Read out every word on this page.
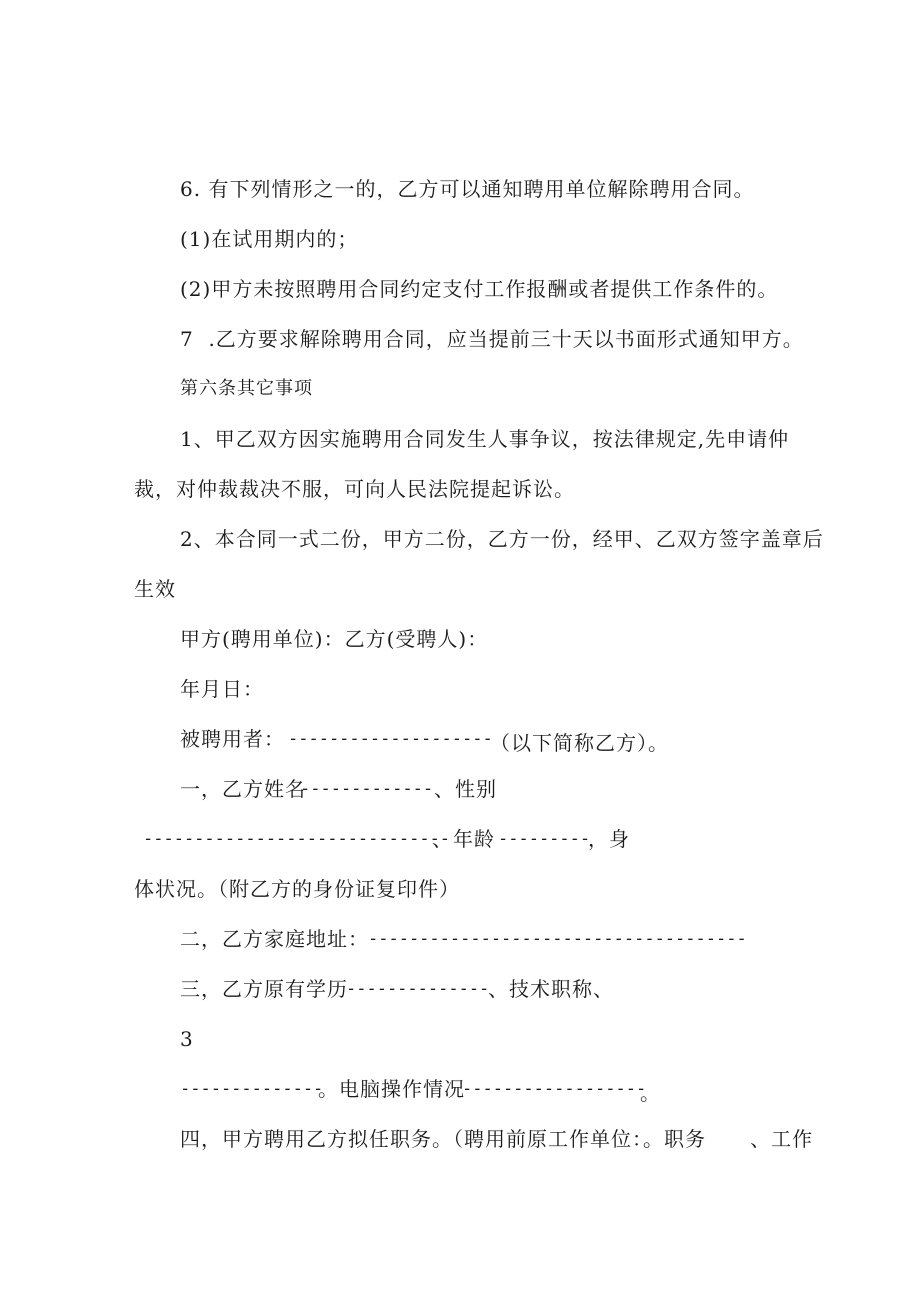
6. 有下列情形之一的，乙方可以通知聘用单位解除聘用合同。
(1)在试用期内的；
(2)甲方未按照聘用合同约定支付工作报酬或者提供工作条件的。
7  .乙方要求解除聘用合同，应当提前三十天以书面形式通知甲方。
第六条其它事项
1、甲乙双方因实施聘用合同发生人事争议，按法律规定,先申请仲
裁，对仲裁裁决不服，可向人民法院提起诉讼。
2、本合同一式二份，甲方二份，乙方一份，经甲、乙双方签字盖章后
生效
甲方(聘用单位)：乙方(受聘人)：
年月日：
被聘用者： --------------------
（以下简称乙方）。
一，乙方姓名
------------- 、性别
------------------------------
、年龄 ---------
，身
体状况。（附乙方的身份证复印件）
二，乙方家庭地址： -------------------------------------
三，乙方原有学历
--------------
、技术职称、
3
--------------
。电脑操作情况
------------------
。
四，甲方聘用乙方拟任职务。（聘用前原工作单位：。职务      、工作
